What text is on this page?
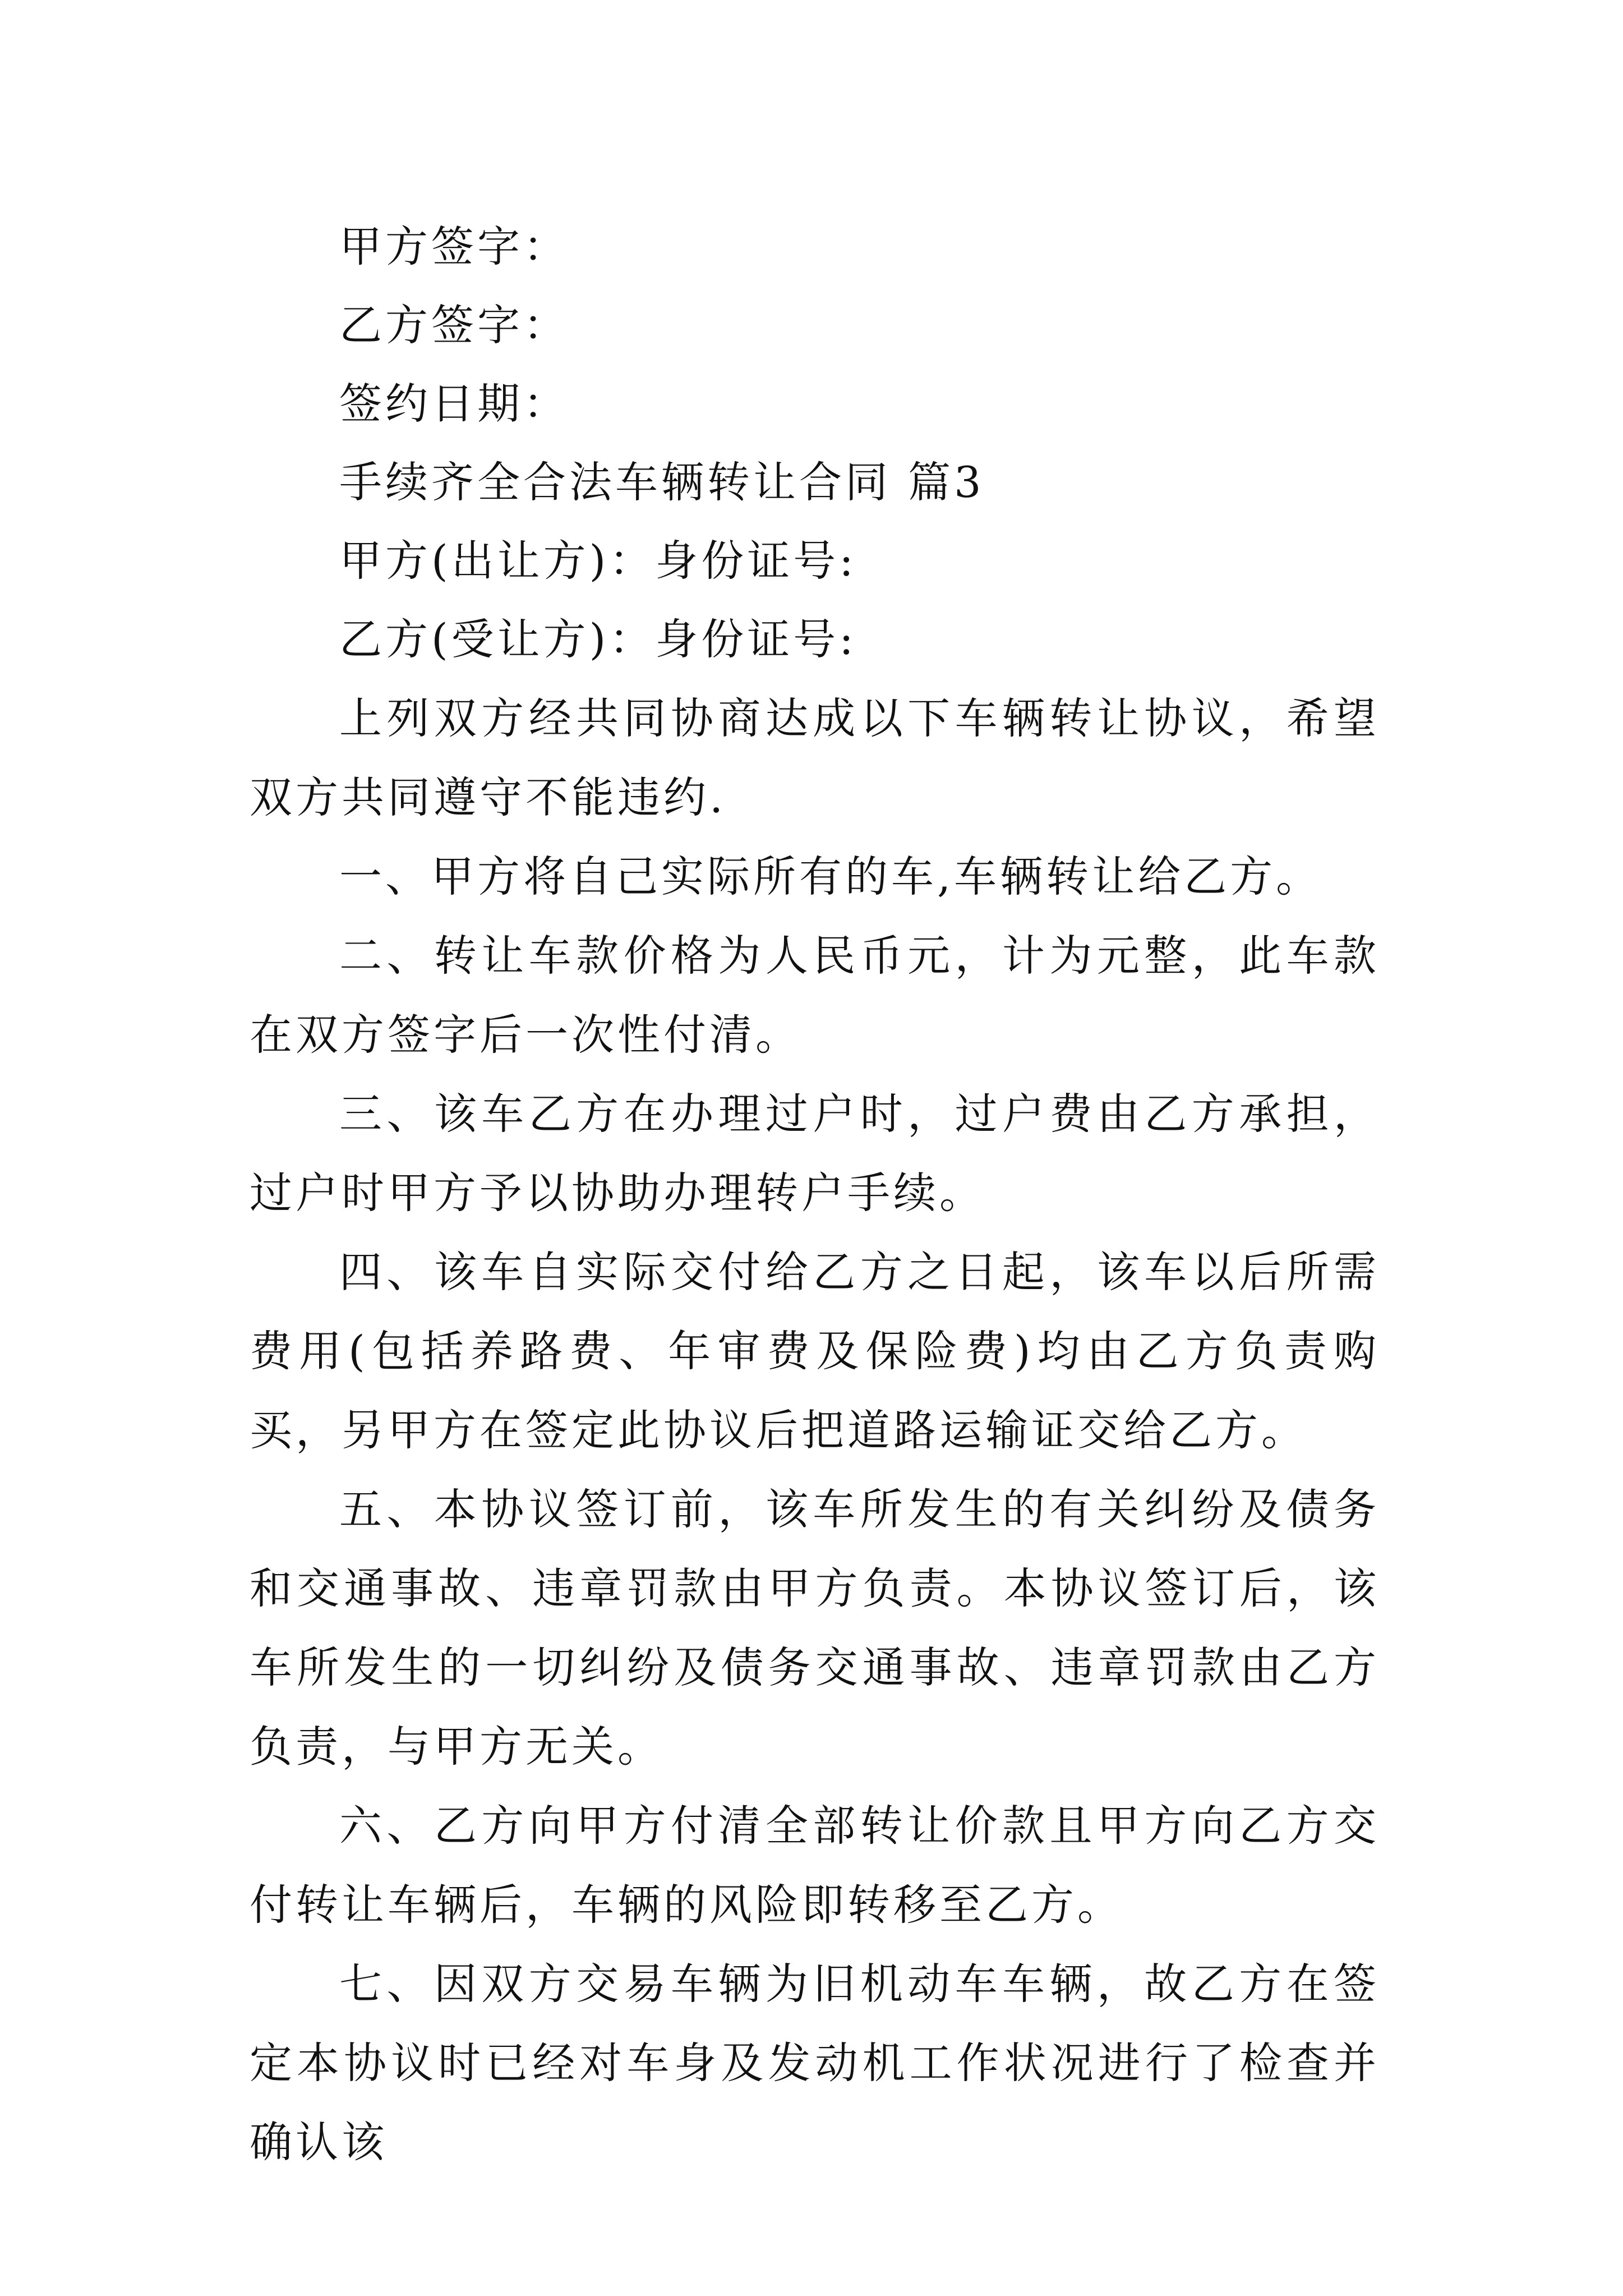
甲方签字：
乙方签字：
签约日期：
手续齐全合法车辆转让合同 篇3
甲方(出让方)：身份证号:
乙方(受让方)：身份证号:

上列双方经共同协商达成以下车辆转让协议，希望双方共同遵守不能违约.

一、甲方将自己实际所有的车,车辆转让给乙方。

二、转让车款价格为人民币元，计为元整，此车款在双方签字后一次性付清。

三、该车乙方在办理过户时，过户费由乙方承担，过户时甲方予以协助办理转户手续。

四、该车自实际交付给乙方之日起，该车以后所需费用(包括养路费、年审费及保险费)均由乙方负责购买，另甲方在签定此协议后把道路运输证交给乙方。

五、本协议签订前，该车所发生的有关纠纷及债务和交通事故、违章罚款由甲方负责。本协议签订后，该车所发生的一切纠纷及债务交通事故、违章罚款由乙方负责，与甲方无关。

六、乙方向甲方付清全部转让价款且甲方向乙方交付转让车辆后，车辆的风险即转移至乙方。

七、因双方交易车辆为旧机动车车辆，故乙方在签定本协议时已经对车身及发动机工作状况进行了检查并确认该
